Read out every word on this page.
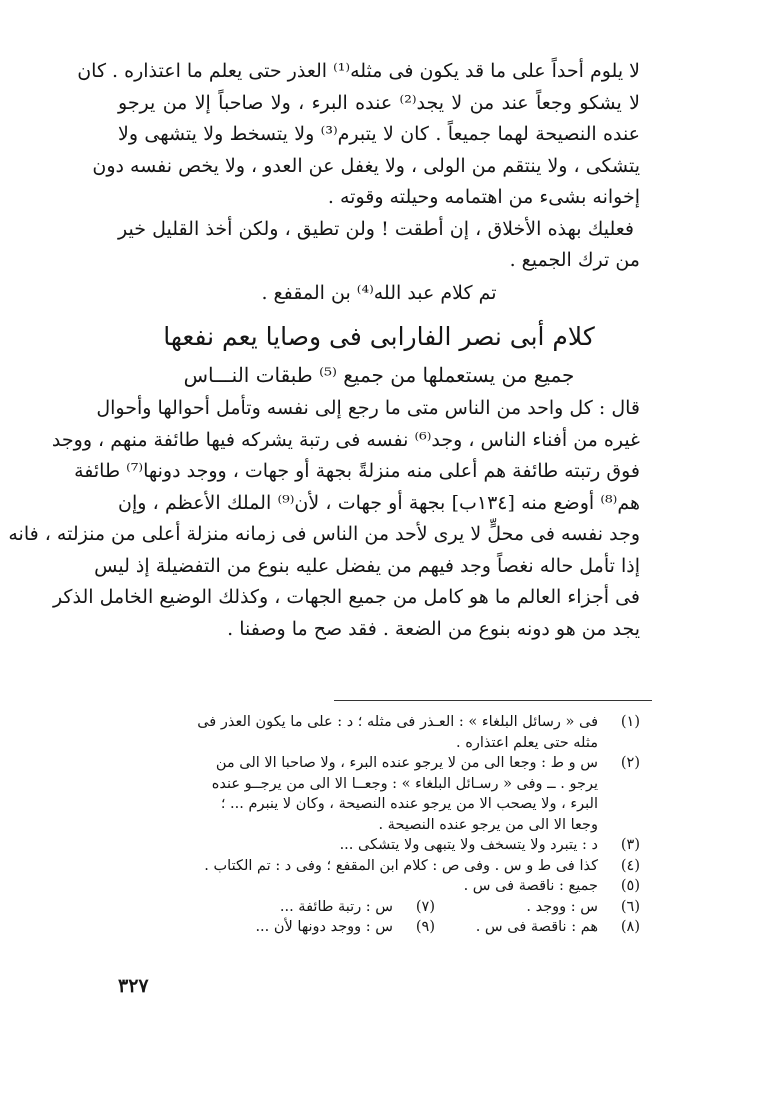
لا يلوم أحداً على ما قد يكون فى مثله⁽¹⁾ العذر حتى يعلم ما اعتذاره . كان
لا يشكو وجعاً عند من لا يجد⁽²⁾ عنده البرء ، ولا صاحباً إلا من يرجو
عنده النصيحة لهما جميعاً . كان لا يتبرم⁽³⁾ ولا يتسخط ولا يتشهى ولا
يتشكى ، ولا ينتقم من الولى ، ولا يغفل عن العدو ، ولا يخص نفسه دون
إخوانه بشىء من اهتمامه وحيلته وقوته .
فعليك بهذه الأخلاق ، إن أطقت ! ولن تطيق ، ولكن أخذ القليل خير
من ترك الجميع .
تم كلام عبد الله⁽⁴⁾ بن المقفع .
كلام أبى نصر الفارابى فى وصايا يعم نفعها
جميع من يستعملها من جميع ⁽⁵⁾ طبقات النـــاس
قال : كل واحد من الناس متى ما رجع إلى نفسه وتأمل أحوالها وأحوال
غيره من أفناء الناس ، وجد⁽⁶⁾ نفسه فى رتبة يشركه فيها طائفة منهم ، ووجد
فوق رتبته طائفة هم أعلى منه منزلةً بجهة أو جهات ، ووجد دونها⁽⁷⁾ طائفة
هم⁽⁸⁾ أوضع منه [١٣٤ب] بجهة أو جهات ، لأن⁽⁹⁾ الملك الأعظم ، وإن
وجد نفسه فى محلٍّ لا يرى لأحد من الناس فى زمانه منزلة أعلى من منزلته ، فانه
إذا تأمل حاله نغصاً وجد فيهم من يفضل عليه بنوع من التفضيلة إذ ليس
فى أجزاء العالم ما هو كامل من جميع الجهات ، وكذلك الوضيع الخامل الذكر
يجد من هو دونه بنوع من الضعة . فقد صح ما وصفنا .
(١)
فى « رسائل البلغاء » : العـذر فى مثله ؛ د : على ما يكون العذر فى
مثله حتى يعلم اعتذاره .
(٢)
س و ط : وجعا الى من لا يرجو عنده البرء ، ولا صاحبا الا الى من
يرجو . ــ وفى « رسـائل البلغاء » : وجعــا الا الى من يرجــو عنده
البرء ، ولا يصحب الا من يرجو عنده النصيحة ، وكان لا ينبرم ... ؛
وجعا الا الى من يرجو عنده النصيحة .
(٣)
د : يتبرد ولا يتسخف ولا يتبهى ولا يتشكى ...
(٤)
كذا فى ط و س . وفى ص : كلام ابن المقفع ؛ وفى د : تم الكتاب .
(٥)
جميع : ناقصة فى س .
(٦)
س : ووجد .
(٧)
س : رتبة طائفة ...
(٨)
هم : ناقصة فى س .
(٩)
س : ووجد دونها لأن ...
٣٢٧
